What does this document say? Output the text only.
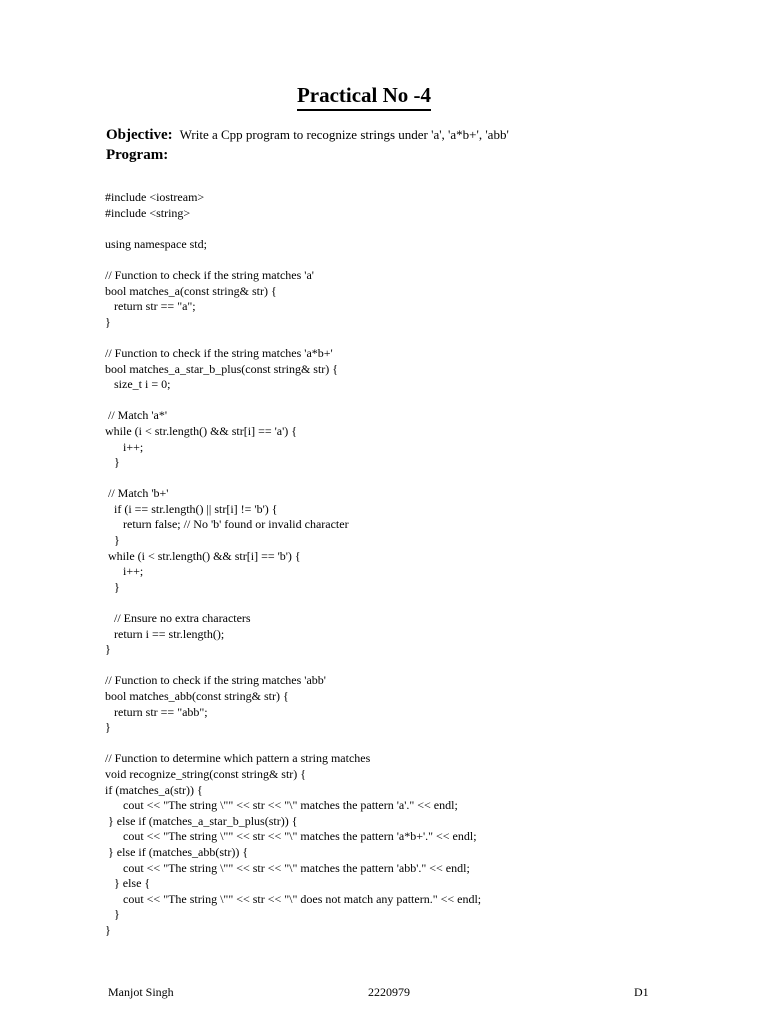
Practical No -4
Objective: Write a Cpp program to recognize strings under 'a', 'a*b+', 'abb'
Program:
#include <iostream>
#include <string>
using namespace std;
// Function to check if the string matches 'a'
bool matches_a(const string& str) {
return str == "a";
}
// Function to check if the string matches 'a*b+'
bool matches_a_star_b_plus(const string& str) {
size_t i = 0;
// Match 'a*'
while (i < str.length() && str[i] == 'a') {
i++;
}
// Match 'b+'
if (i == str.length() || str[i] != 'b') {
return false; // No 'b' found or invalid character
}
while (i < str.length() && str[i] == 'b') {
i++;
}
// Ensure no extra characters
return i == str.length();
}
// Function to check if the string matches 'abb'
bool matches_abb(const string& str) {
return str == "abb";
}
// Function to determine which pattern a string matches
void recognize_string(const string& str) {
if (matches_a(str)) {
cout << "The string \"" << str << "\" matches the pattern 'a'." << endl;
} else if (matches_a_star_b_plus(str)) {
cout << "The string \"" << str << "\" matches the pattern 'a*b+'." << endl;
} else if (matches_abb(str)) {
cout << "The string \"" << str << "\" matches the pattern 'abb'." << endl;
} else {
cout << "The string \"" << str << "\" does not match any pattern." << endl;
}
}
Manjot Singh	2220979	D1
